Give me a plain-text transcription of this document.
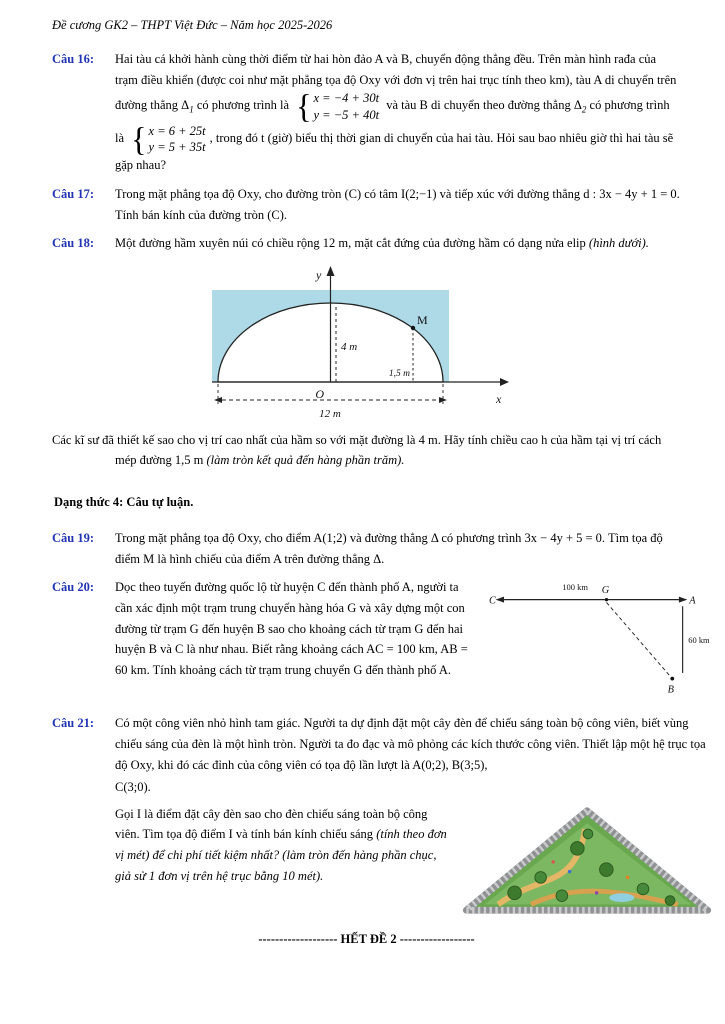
Đề cương GK2 – THPT Việt Đức – Năm học 2025-2026
Câu 16:	Hai tàu cá khởi hành cùng thời điểm từ hai hòn đảo A và B, chuyển động thẳng đều. Trên màn hình rađa của trạm điều khiển (được coi như mặt phẳng tọa độ Oxy với đơn vị trên hai trục tính theo km), tàu A di chuyển trên đường thẳng $\Delta_1$ có phương trình là { x = −4 + 30t
y = −5 + 40t
và tàu B di chuyển theo đường thẳng $\Delta_2$ có phương trình là { x = 6 + 25t
y = 5 + 35t
, trong đó t (giờ) biểu thị thời gian di chuyển của hai tàu. Hỏi sau bao nhiêu giờ thì hai tàu sẽ gặp nhau?
Câu 17:	Trong mặt phẳng tọa độ Oxy, cho đường tròn (C) có tâm I(2;−1) và tiếp xúc với đường thẳng d : 3x − 4y + 1 = 0. Tính bán kính của đường tròn (C).
Câu 18:	Một đường hầm xuyên núi có chiều rộng 12 m, mặt cắt đứng của đường hầm có dạng nửa elip (hình dưới).
x
y
4 m
M
1,5 m
O
12 m
Các kĩ sư đã thiết kế sao cho vị trí cao nhất của hầm so với mặt đường là 4 m. Hãy tính chiều cao h của hầm tại vị trí cách mép đường 1,5 m (làm tròn kết quả đến hàng phần trăm).
Dạng thức 4: Câu tự luận.
Câu 19:	Trong mặt phẳng tọa độ Oxy, cho điểm A(1;2) và đường thẳng Δ có phương trình 3x − 4y + 5 = 0. Tìm tọa độ điểm M là hình chiếu của điểm A trên đường thẳng Δ.
Câu 20:	Dọc theo tuyến đường quốc lộ từ huyện C đến thành phố A, người ta cần xác định một trạm trung chuyển hàng hóa G và xây dựng một con đường từ trạm G đến huyện B sao cho khoảng cách từ trạm G đến hai huyện B và C là như nhau. Biết rằng khoảng cách AC = 100 km, AB = 60 km. Tính khoảng cách từ trạm trung chuyển G đến thành phố A.
C	A
G
100 km
60 km
B
Câu 21:	Có một công viên nhỏ hình tam giác. Người ta dự định đặt một cây đèn để chiếu sáng toàn bộ công viên, biết vùng chiếu sáng của đèn là một hình tròn. Người ta đo đạc và mô phỏng các kích thước công viên. Thiết lập một hệ trục tọa độ Oxy, khi đó các đỉnh của công viên có tọa độ lần lượt là A(0;2), B(3;5),
C(3;0).
Gọi I là điểm đặt cây đèn sao cho đèn chiếu sáng toàn bộ công viên. Tìm tọa độ điểm I và tính bán kính chiếu sáng (tính theo đơn vị mét) để chi phí tiết kiệm nhất? (làm tròn đến hàng phần chục, giả sử 1 đơn vị trên hệ trục bằng 10 mét).
------------------- HẾT ĐỀ 2 ------------------
